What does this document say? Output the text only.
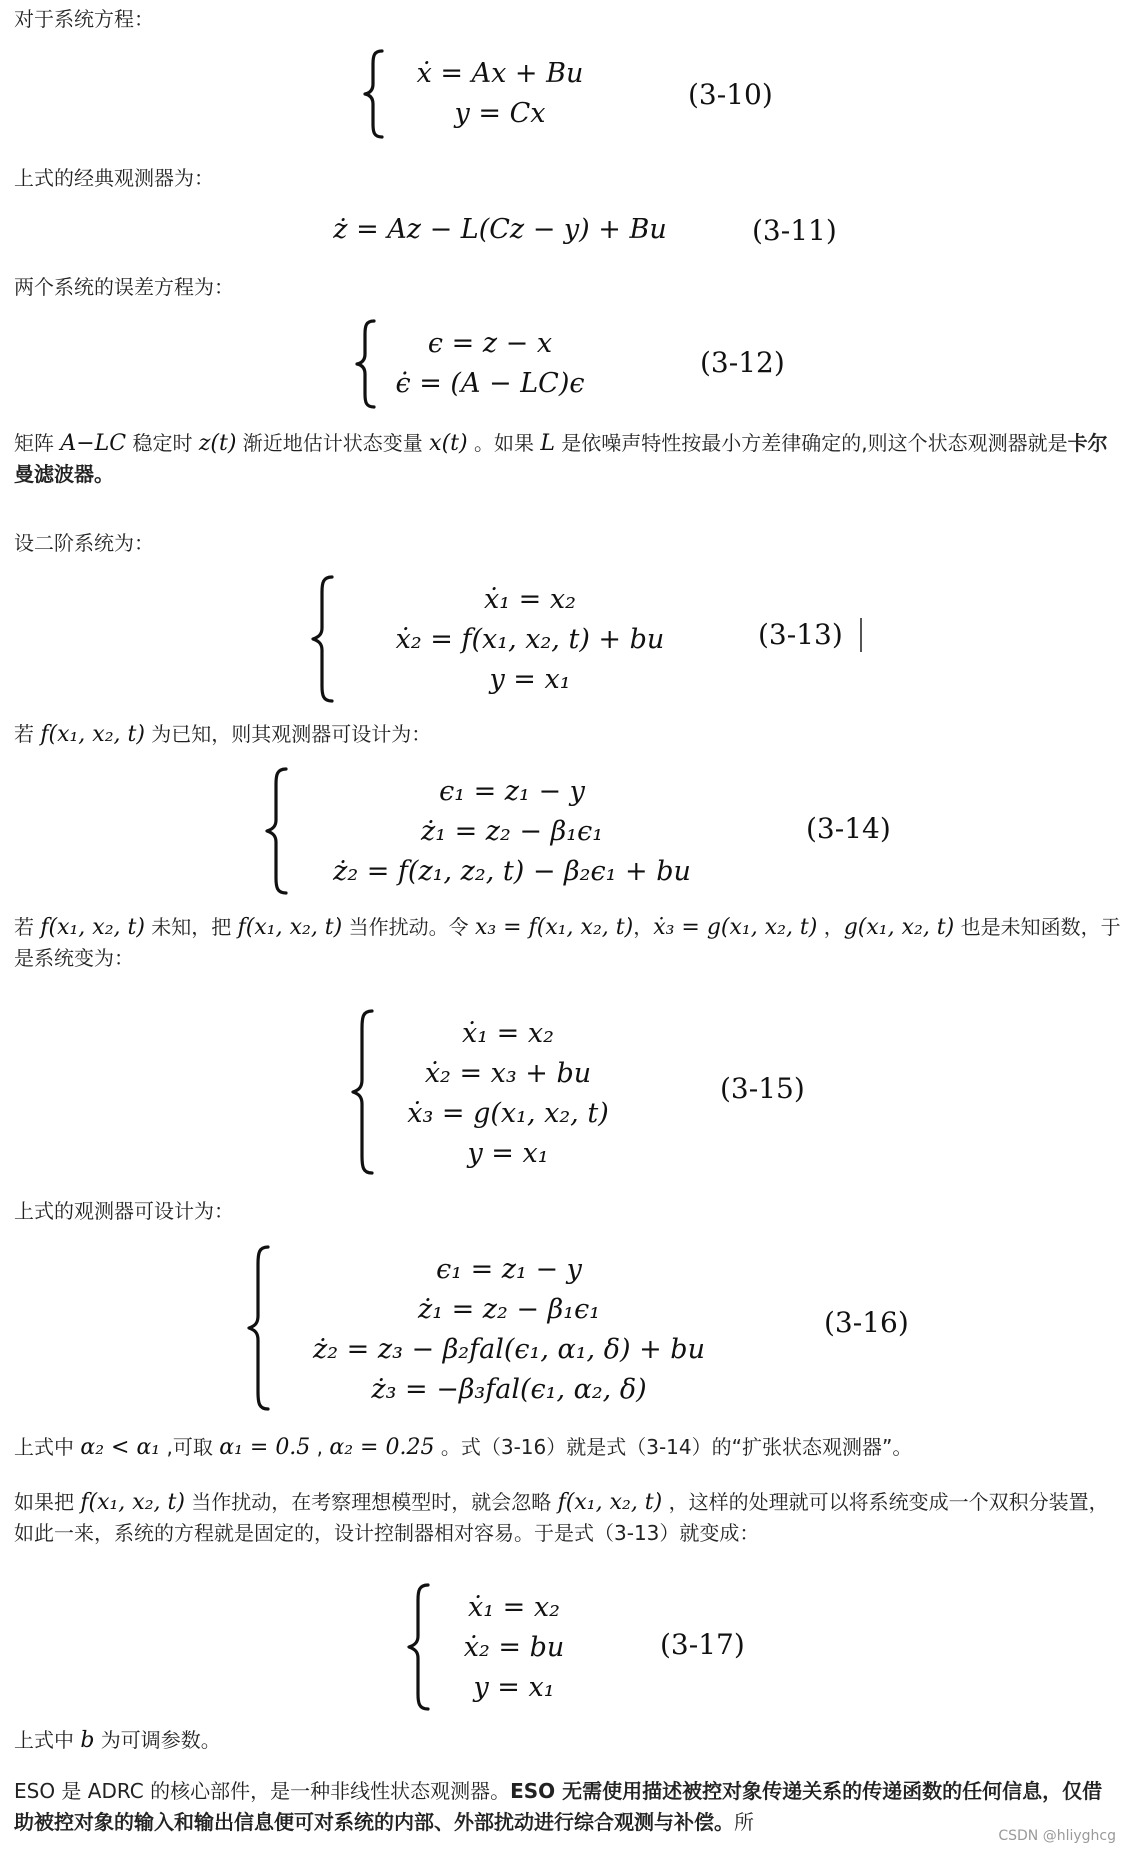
对于系统方程：
ẋ = Ax + Bu
y = Cx
(3-10)
上式的经典观测器为：
ż = Az − L(Cz − y) + Bu	(3-11)
两个系统的误差方程为：
ϵ = z − x
ϵ̇ = (A − LC)ϵ
(3-12)
矩阵 A−LC 稳定时 z(t) 渐近地估计状态变量 x(t) 。如果 L 是依噪声特性按最小方差律确定的,则这个状态观测器就是卡尔曼滤波器。
设二阶系统为：
ẋ₁ = x₂
ẋ₂ = f(x₁, x₂, t) + bu
y = x₁
(3-13)
若 f(x₁, x₂, t) 为已知，则其观测器可设计为：
ϵ₁ = z₁ − y
ż₁ = z₂ − β₁ϵ₁
ż₂ = f(z₁, z₂, t) − β₂ϵ₁ + bu
(3-14)
若 f(x₁, x₂, t) 未知，把 f(x₁, x₂, t) 当作扰动。令 x₃ = f(x₁, x₂, t)，ẋ₃ = g(x₁, x₂, t) ，g(x₁, x₂, t) 也是未知函数，于是系统变为：
ẋ₁ = x₂
ẋ₂ = x₃ + bu
ẋ₃ = g(x₁, x₂, t)
y = x₁
(3-15)
上式的观测器可设计为：
ϵ₁ = z₁ − y
ż₁ = z₂ − β₁ϵ₁
ż₂ = z₃ − β₂fal(ϵ₁, α₁, δ) + bu
ż₃ = −β₃fal(ϵ₁, α₂, δ)
(3-16)
上式中 α₂ < α₁ ,可取 α₁ = 0.5 , α₂ = 0.25 。式（3-16）就是式（3-14）的“扩张状态观测器”。
如果把 f(x₁, x₂, t) 当作扰动，在考察理想模型时，就会忽略 f(x₁, x₂, t) ，这样的处理就可以将系统变成一个双积分装置，如此一来，系统的方程就是固定的，设计控制器相对容易。于是式（3-13）就变成：
ẋ₁ = x₂
ẋ₂ = bu
y = x₁
(3-17)
上式中 b 为可调参数。
ESO 是 ADRC 的核心部件，是一种非线性状态观测器。ESO 无需使用描述被控对象传递关系的传递函数的任何信息，仅借助被控对象的输入和输出信息便可对系统的内部、外部扰动进行综合观测与补偿。所
CSDN @hliyghcg
